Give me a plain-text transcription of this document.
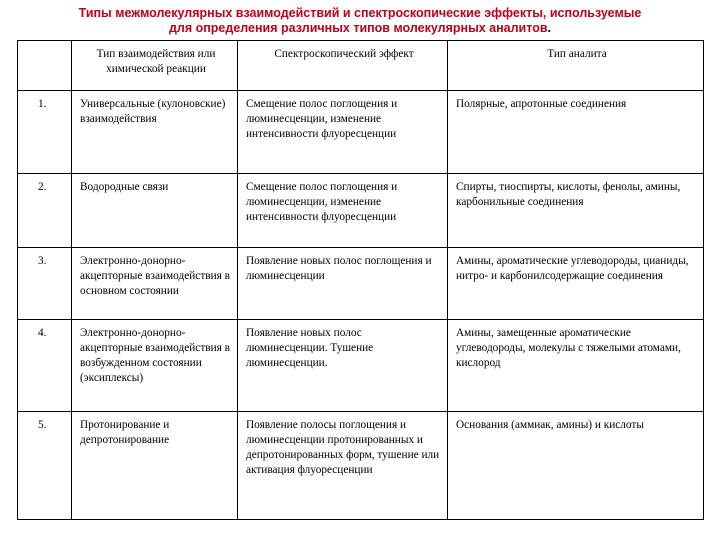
Типы межмолекулярных взаимодействий и спектроскопические эффекты, используемые
для определения различных типов молекулярных аналитов.
	Тип взаимодействия или химической реакции	Спектроскопический эффект	Тип аналита
1.	Универсальные (кулоновские) взаимодействия	Смещение полос поглощения и люминесценции, изменение интенсивности флуоресценции	Полярные, апротонные соединения
2.	Водородные связи	Смещение полос поглощения и люминесценции, изменение интенсивности флуоресценции	Спирты, тиоспирты, кислоты, фенолы, амины, карбонильные соединения
3.	Электронно-донорно-акцепторные взаимодействия в основном состоянии	Появление новых полос поглощения и люминесценции	Амины, ароматические углеводороды, цианиды, нитро- и карбонилсодержащие соединения
4.	Электронно-донорно-акцепторные взаимодействия в возбужденном состоянии (эксиплексы)	Появление новых полос люминесценции. Тушение люминесценции.	Амины, замещенные ароматические углеводороды, молекулы с тяжелыми атомами, кислород
5.	Протонирование и депротонирование	Появление полосы поглощения и люминесценции протонированных и депротонированных форм, тушение или активация флуоресценции	Основания (аммиак, амины) и кислоты
